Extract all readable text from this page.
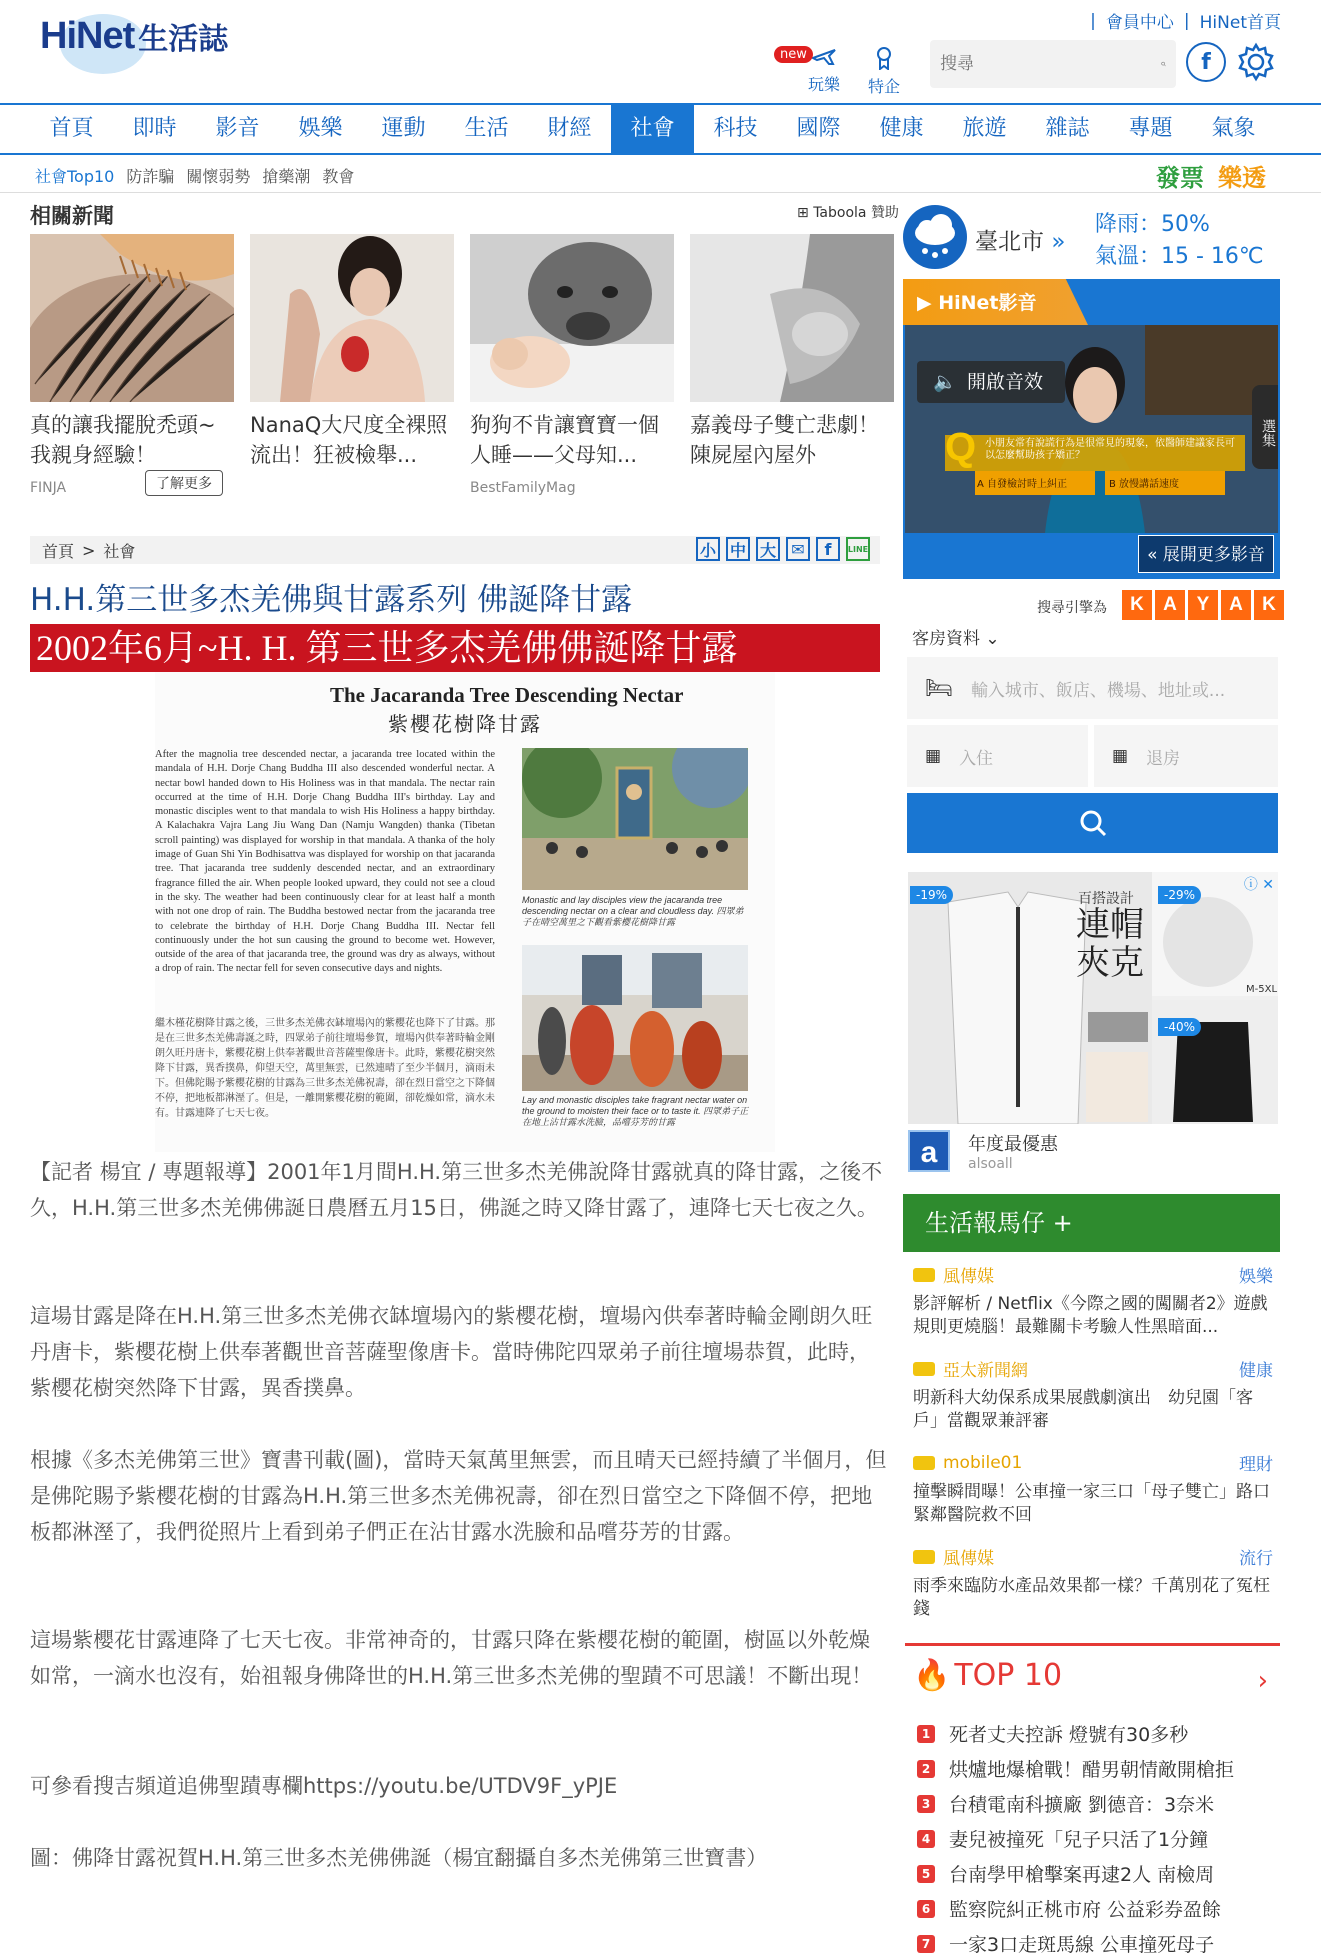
| 會員中心 | HiNet首頁
HiNet 生活誌	new
玩樂 特企
搜尋
f
首頁	即時	影音	娛樂	運動	生活	財經	社會	科技	國際	健康	旅遊	雜誌	專題	氣象
社會Top10 防詐騙 關懷弱勢 搶藥潮 教會	發票 樂透
相關新聞	⊞ Taboola 贊助
真的讓我擺脫禿頭~我親身經驗！
FINJA	了解更多
NanaQ大尺度全裸照流出！狂被檢舉...
狗狗不肯讓寶寶一個人睡——父母知...
BestFamilyMag
嘉義母子雙亡悲劇！陳屍屋內屋外
首頁 > 社會	小 中 大 ✉	f	LINE
H.H.第三世多杰羌佛與甘露系列 佛誕降甘露
2002年6月~H. H. 第三世多杰羌佛佛誕降甘露
The Jacaranda Tree Descending Nectar
紫櫻花樹降甘露
After the magnolia tree descended nectar, a jacaranda tree located within the mandala of H.H. Dorje Chang Buddha III also descended wonderful nectar. A nectar bowl handed down to His Holiness was in that mandala. The nectar rain occurred at the time of H.H. Dorje Chang Buddha III's birthday. Lay and monastic disciples went to that mandala to wish His Holiness a happy birthday. A Kalachakra Vajra Lang Jiu Wang Dan (Namju Wangden) thanka (Tibetan scroll painting) was displayed for worship in that mandala. A thanka of the holy image of Guan Shi Yin Bodhisattva was displayed for worship on that jacaranda tree. That jacaranda tree suddenly descended nectar, and an extraordinary fragrance filled the air. When people looked upward, they could not see a cloud in the sky. The weather had been continuously clear for at least half a month with not one drop of rain. The Buddha bestowed nectar from the jacaranda tree to celebrate the birthday of H.H. Dorje Chang Buddha III. Nectar fell continuously under the hot sun causing the ground to become wet. However, outside of the area of that jacaranda tree, the ground was dry as always, without a drop of rain. The nectar fell for seven consecutive days and nights.
繼木槿花樹降甘露之後，三世多杰羌佛衣缽壇場內的紫櫻花也降下了甘露。那是在三世多杰羌佛壽誕之時，四眾弟子前往壇場參賀，壇場內供奉著時輪金剛朗久旺丹唐卡，紫櫻花樹上供奉著觀世音菩薩聖像唐卡。此時，紫櫻花樹突然降下甘露，異香撲鼻，仰望天空，萬里無雲，已然連晴了至少半個月，滴雨未下。但佛陀賜予紫櫻花樹的甘露為三世多杰羌佛祝壽，卻在烈日當空之下降個不停，把地板都淋溼了。但是，一離開紫櫻花樹的範圍，卻乾燥如常，滴水未有。甘露連降了七天七夜。
Monastic and lay disciples view the jacaranda tree descending nectar on a clear and cloudless day. 四眾弟子在晴空萬里之下觀看紫櫻花樹降甘露
Lay and monastic disciples take fragrant nectar water on the ground to moisten their face or to taste it. 四眾弟子正在地上沾甘露水洗臉，品嚐芬芳的甘露

【記者 楊宜 / 專題報導】2001年1月間H.H.第三世多杰羌佛說降甘露就真的降甘露，之後不久，H.H.第三世多杰羌佛佛誕日農曆五月15日，佛誕之時又降甘露了，連降七天七夜之久。

這場甘露是降在H.H.第三世多杰羌佛衣缽壇場內的紫櫻花樹，壇場內供奉著時輪金剛朗久旺丹唐卡，紫櫻花樹上供奉著觀世音菩薩聖像唐卡。當時佛陀四眾弟子前往壇場恭賀，此時，紫櫻花樹突然降下甘露，異香撲鼻。

根據《多杰羌佛第三世》寶書刊載(圖)，當時天氣萬里無雲，而且晴天已經持續了半個月，但是佛陀賜予紫櫻花樹的甘露為H.H.第三世多杰羌佛祝壽，卻在烈日當空之下降個不停，把地板都淋溼了，我們從照片上看到弟子們正在沾甘露水洗臉和品嚐芬芳的甘露。

這場紫櫻花甘露連降了七天七夜。非常神奇的，甘露只降在紫櫻花樹的範圍，樹區以外乾燥如常，一滴水也沒有，始祖報身佛降世的H.H.第三世多杰羌佛的聖蹟不可思議！不斷出現！

可參看搜吉頻道追佛聖蹟專欄https://youtu.be/UTDV9F_yPJE

圖：佛降甘露祝賀H.H.第三世多杰羌佛佛誕（楊宜翻攝自多杰羌佛第三世寶書）

臺北市 »
降雨：50%
氣溫：15 - 16℃
▶ HiNet影音
Q 小朋友常有說謊行為是很常見的現象，依醫師建議家長可以怎麼幫助孩子矯正？
A 自發檢討時上糾正	B 放慢講話速度
🔈 開啟音效
選集
« 展開更多影音
搜尋引擎為	K	A	Y	A	K
客房資料 ⌄
🛏 輸入城市、飯店、機場、地址或...
▦ 入住	▦ 退房
-19%	-29%
-40%
百搭設計
連帽
夾克
M-5XL
ⓘ ✕
a	年度最優惠
alsoall
生活報馬仔 +
風傳媒	娛樂
影評解析 / Netflix《今際之國的闖關者2》遊戲規則更燒腦！最難關卡考驗人性黑暗面...
亞太新聞網	健康
明新科大幼保系成果展戲劇演出　幼兒園「客戶」當觀眾兼評審
mobile01	理財
撞擊瞬間曝！公車撞一家三口「母子雙亡」路口緊鄰醫院救不回
風傳媒	流行
雨季來臨防水產品效果都一樣？千萬別花了冤枉錢
🔥 TOP 10	›
1 死者丈夫控訴 燈號有30多秒
2 烘爐地爆槍戰！醋男朝情敵開槍拒
3 台積電南科擴廠 劉德音：3奈米
4 妻兒被撞死「兒子只活了1分鐘
5 台南學甲槍擊案再逮2人 南檢周
6 監察院糾正桃市府 公益彩券盈餘
7 一家3口走斑馬線 公車撞死母子
